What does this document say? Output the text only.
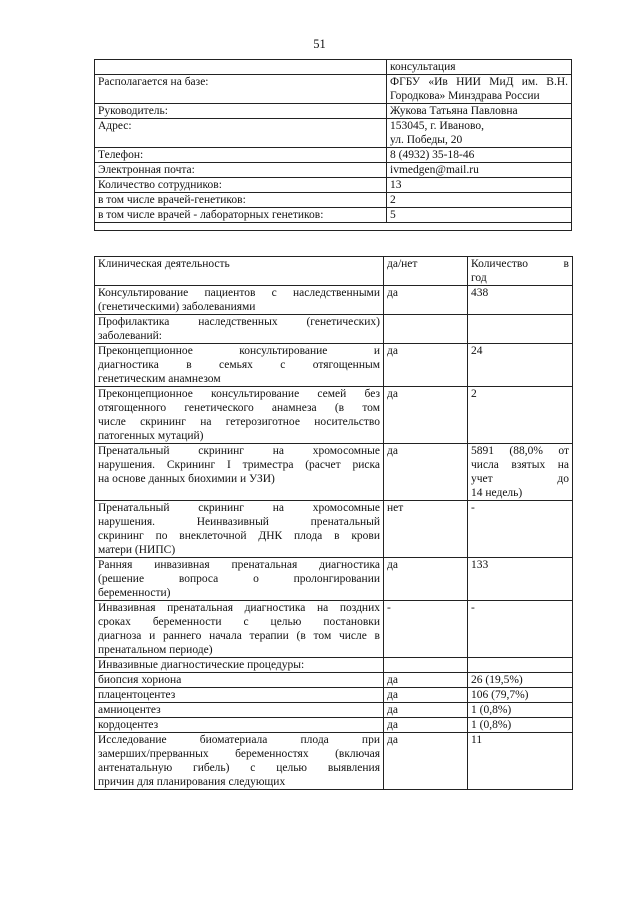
51
	консультация
Располагается на базе:	ФГБУ «Ив НИИ МиД им. В.Н.
Городкова» Минздрава России

Руководитель:	Жукова Татьяна Павловна

Адрес:	153045, г. Иваново,
ул. Победы, 20

Телефон:	8 (4932) 35-18-46

Электронная почта:	ivmedgen@mail.ru

Количество сотрудников:	13

в том числе врачей-генетиков:	2

в том числе врачей - лабораторных генетиков:	5

Клиническая деятельность	да/нет	Количество в
год

Консультирование пациентов с наследственными
(генетическими) заболеваниями	да	438

Профилактика наследственных (генетических)
заболеваний:		

Преконцепционное консультирование и
диагностика в семьях с отягощенным
генетическим анамнезом	да	24

Преконцепционное консультирование семей без
отягощенного генетического анамнеза (в том
числе скрининг на гетерозиготное носительство
патогенных мутаций)	да	2

Пренатальный скрининг на хромосомные
нарушения. Скрининг I триместра (расчет риска
на основе данных биохимии и УЗИ)	да	5891 (88,0% от
числа взятых на
учет до
14 недель)

Пренатальный скрининг на хромосомные
нарушения. Неинвазивный пренатальный
скрининг по внеклеточной ДНК плода в крови
матери (НИПС)	нет	-

Ранняя инвазивная пренатальная диагностика
(решение вопроса о пролонгировании
беременности)	да	133

Инвазивная пренатальная диагностика на поздних
сроках беременности с целью постановки
диагноза и раннего начала терапии (в том числе в
пренатальном периоде)	-	-

Инвазивные диагностические процедуры:		

биопсия хориона	да	26 (19,5%)

плацентоцентез	да	106 (79,7%)

амниоцентез	да	1 (0,8%)

кордоцентез	да	1 (0,8%)

Исследование биоматериала плода при
замерших/прерванных беременностях (включая
антенатальную гибель) с целью выявления
причин для планирования следующих	да	11
